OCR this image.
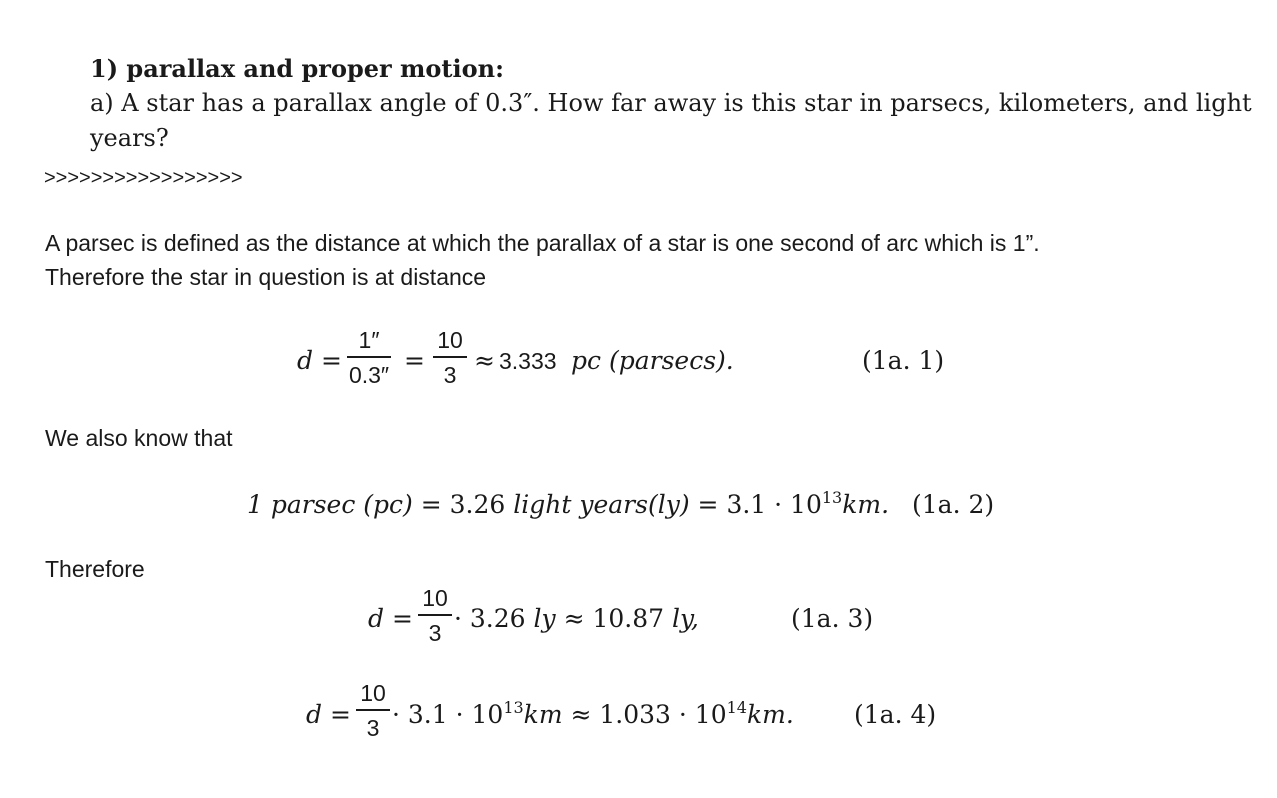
1) parallax and proper motion:
a) A star has a parallax angle of 0.3″. How far away is this star in parsecs, kilometers, and light
years?
>>>>>>>>>>>>>>>>>
A parsec is defined as the distance at which the parallax of a star is one second of arc which is 1”.
Therefore the star in question is at distance
d =
1″
0.3″ =
10
3 ≈ 3.333 pc (parsecs).	(1a. 1)
We also know that
1 parsec (pc) = 3.26 light years(ly) = $3.1 \cdot 10^{13}km$. (1a. 2)
Therefore
d =
10
3 · 3.26 ly ≈ 10.87 ly,	(1a. 3)
d =
10
$3 \cdot 3.1 \cdot 10^{13}km \approx 1.033 \cdot 10^{14}km$. (1a. 4)
